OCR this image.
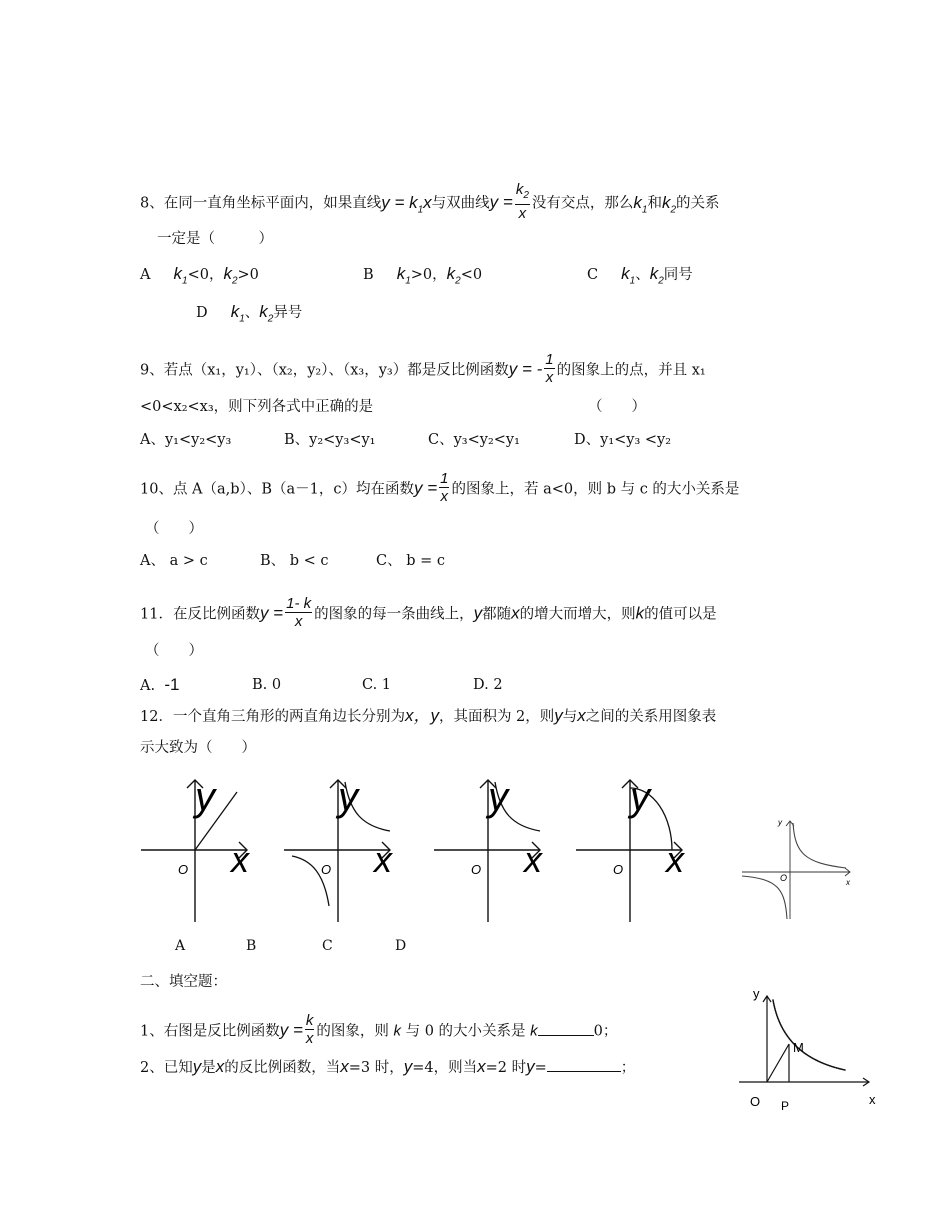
8、在同一直角坐标平面内，如果直线$y = k_1x$与双曲线$y = \frac{k_2}{x}$ 没有交点，那么$k_1$和$k_2$的关系
一定是（　　　）
A $k_1<0$，$k_2>0$	B $k_1>0$，$k_2<0$	C $k_1$、$k_2$同号
D $k_1$、$k_2$异号
9、若点（x₁，y₁）、（x₂，y₂）、（x₃，y₃）都是反比例函数y = - $\frac{1}{x}$ 的图象上的点，并且 x₁
<0<x₂<x₃，则下列各式中正确的是	（　　）
A、y₁<y₂<y₃	B、y₂<y₃<y₁	C、y₃<y₂<y₁	D、y₁<y₃ <y₂
10、点 A（a,b）、B（a－1，c）均在函数$y = \frac{1}{x}$ 的图象上，若 a<0，则 b 与 c 的大小关系是
（　　）
A、 a > c	B、 b < c	C、 b = c
11．在反比例函数$y = \frac{1- k}{x}$ 的图象的每一条曲线上，y都随x的增大而增大，则k的值可以是
（　　）
A. -1	B. 0	C. 1	D. 2
12．一个直角三角形的两直角边长分别为x，y，其面积为 2，则y与x之间的关系用图象表
示大致为（　　）
y
x
O
y
x
O
y
x
O
y
x
O
y
x
O
A	B	C	D
二、填空题：
1、右图是反比例函数$y = \frac{k}{x}$ 的图象，则 k 与 0 的大小关系是 k	0；
2、已知y是x的反比例函数，当x=3 时，y=4，则当x=2 时y=	；
y
x
O P
M
